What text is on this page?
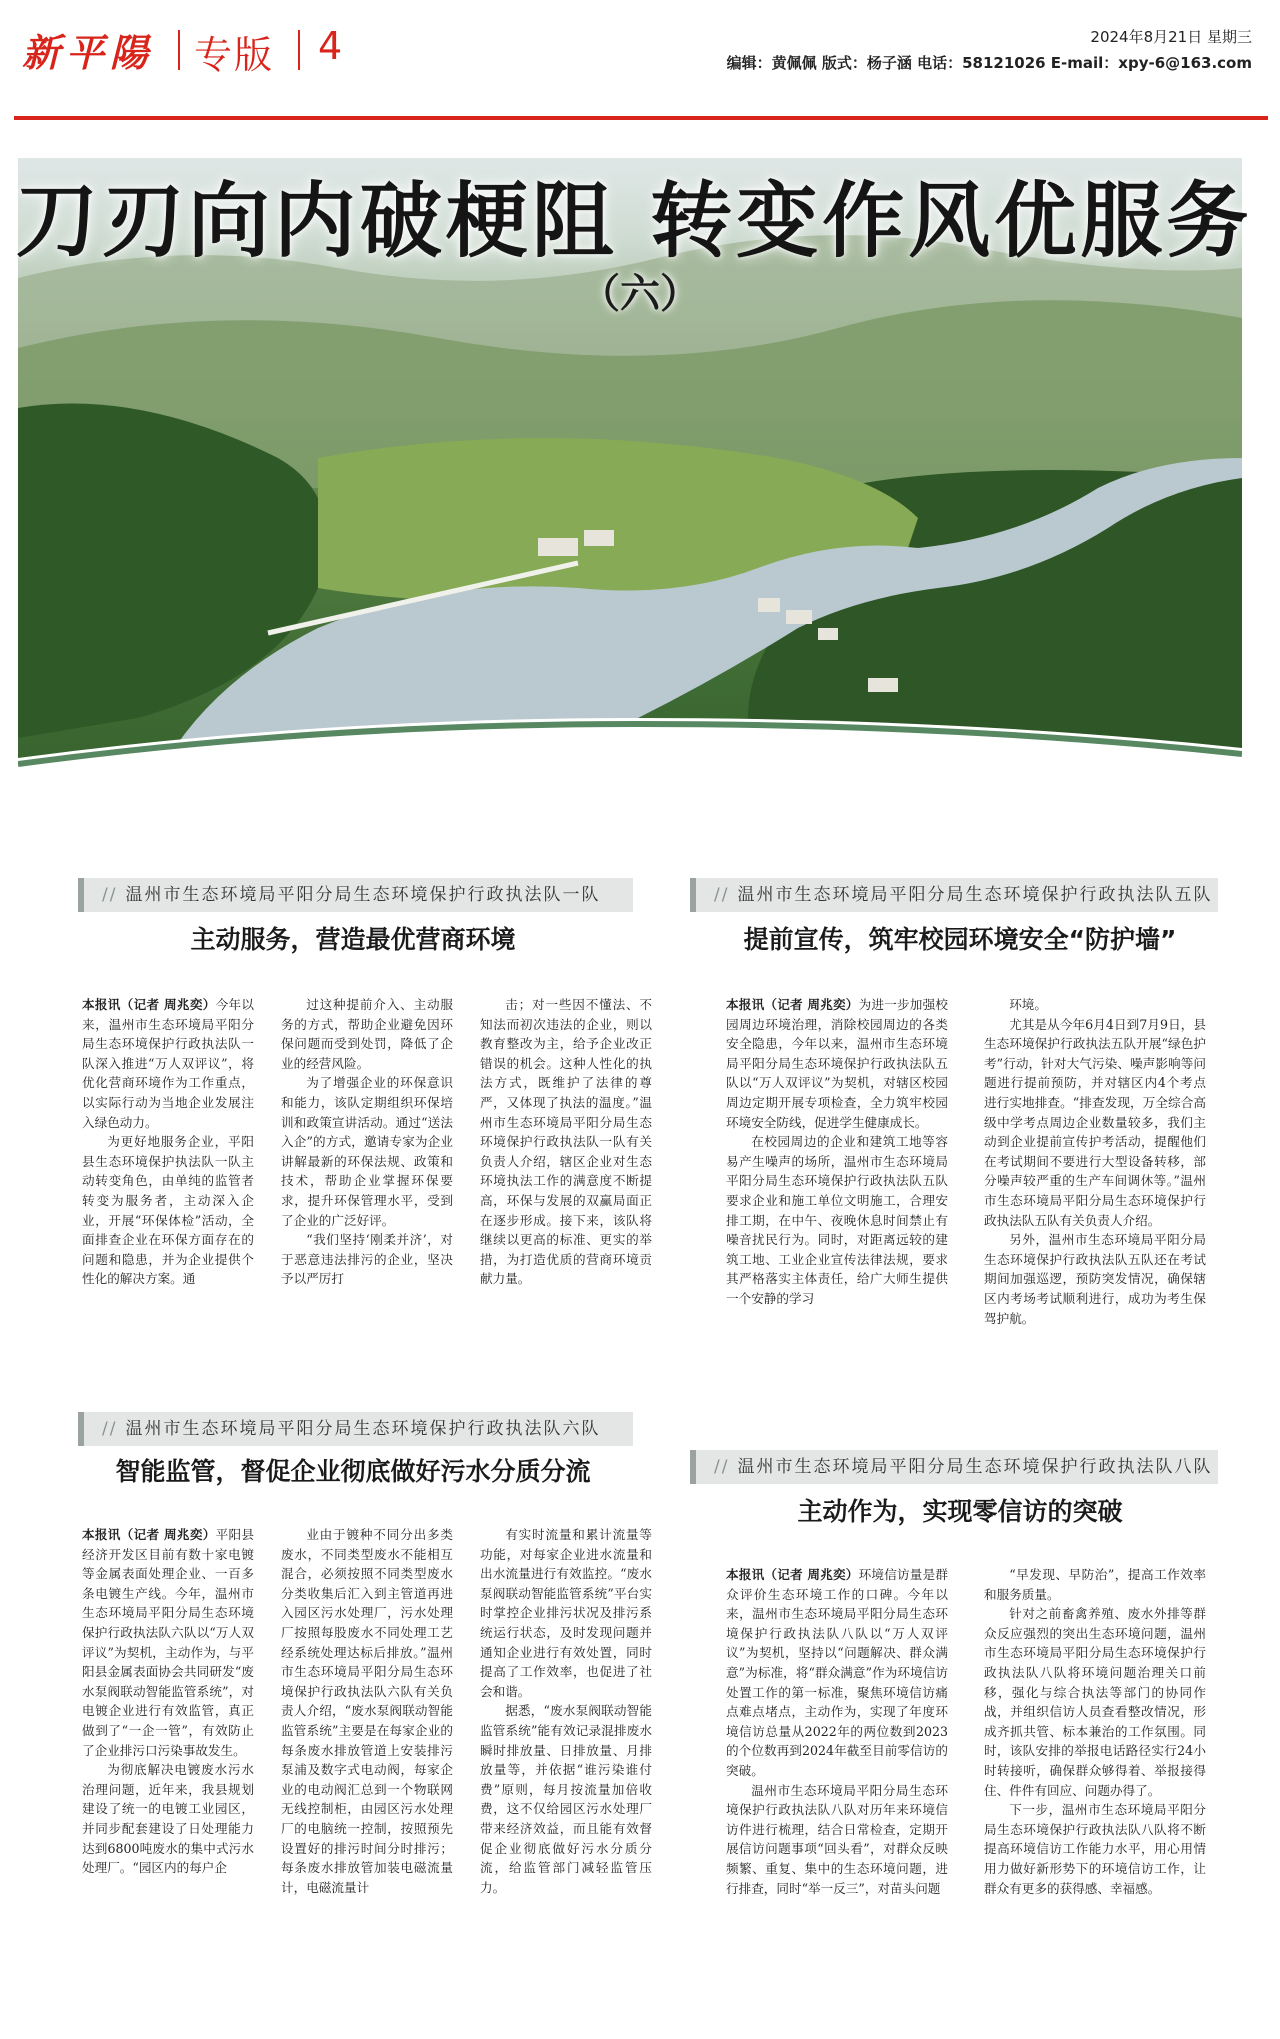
新平陽 专版 4	2024年8月21日 星期三
编辑：黄佩佩 版式：杨子涵 电话：58121026 E-mail：xpy-6@163.com
刀刃向内破梗阻 转变作风优服务
（六）
// 温州市生态环境局平阳分局生态环境保护行政执法队一队
主动服务，营造最优营商环境

本报讯（记者 周兆奕）今年以来，温州市生态环境局平阳分局生态环境保护行政执法队一队深入推进“万人双评议”，将优化营商环境作为工作重点，以实际行动为当地企业发展注入绿色动力。

为更好地服务企业，平阳县生态环境保护执法队一队主动转变角色，由单纯的监管者转变为服务者，主动深入企业，开展“环保体检”活动，全面排查企业在环保方面存在的问题和隐患，并为企业提供个性化的解决方案。通

过这种提前介入、主动服务的方式，帮助企业避免因环保问题而受到处罚，降低了企业的经营风险。

为了增强企业的环保意识和能力，该队定期组织环保培训和政策宣讲活动。通过“送法入企”的方式，邀请专家为企业讲解最新的环保法规、政策和技术，帮助企业掌握环保要求，提升环保管理水平，受到了企业的广泛好评。

“我们坚持‘刚柔并济’，对于恶意违法排污的企业，坚决予以严厉打

击；对一些因不懂法、不知法而初次违法的企业，则以教育整改为主，给予企业改正错误的机会。这种人性化的执法方式，既维护了法律的尊严，又体现了执法的温度。”温州市生态环境局平阳分局生态环境保护行政执法队一队有关负责人介绍，辖区企业对生态环境执法工作的满意度不断提高，环保与发展的双赢局面正在逐步形成。接下来，该队将继续以更高的标准、更实的举措，为打造优质的营商环境贡献力量。

// 温州市生态环境局平阳分局生态环境保护行政执法队五队
提前宣传，筑牢校园环境安全“防护墙”

本报讯（记者 周兆奕）为进一步加强校园周边环境治理，消除校园周边的各类安全隐患，今年以来，温州市生态环境局平阳分局生态环境保护行政执法队五队以“万人双评议”为契机，对辖区校园周边定期开展专项检查，全力筑牢校园环境安全防线，促进学生健康成长。

在校园周边的企业和建筑工地等容易产生噪声的场所，温州市生态环境局平阳分局生态环境保护行政执法队五队要求企业和施工单位文明施工，合理安排工期，在中午、夜晚休息时间禁止有噪音扰民行为。同时，对距离远较的建筑工地、工业企业宣传法律法规，要求其严格落实主体责任，给广大师生提供一个安静的学习

环境。

尤其是从今年6月4日到7月9日，县生态环境保护行政执法五队开展“绿色护考”行动，针对大气污染、噪声影响等问题进行提前预防，并对辖区内4个考点进行实地排查。“排查发现，万全综合高级中学考点周边企业数量较多，我们主动到企业提前宣传护考活动，提醒他们在考试期间不要进行大型设备转移，部分噪声较严重的生产车间调休等。”温州市生态环境局平阳分局生态环境保护行政执法队五队有关负责人介绍。

另外，温州市生态环境局平阳分局生态环境保护行政执法队五队还在考试期间加强巡逻，预防突发情况，确保辖区内考场考试顺利进行，成功为考生保驾护航。

// 温州市生态环境局平阳分局生态环境保护行政执法队六队
智能监管，督促企业彻底做好污水分质分流

本报讯（记者 周兆奕）平阳县经济开发区目前有数十家电镀等金属表面处理企业、一百多条电镀生产线。今年，温州市生态环境局平阳分局生态环境保护行政执法队六队以“万人双评议”为契机，主动作为，与平阳县金属表面协会共同研发“废水泵阀联动智能监管系统”，对电镀企业进行有效监管，真正做到了“一企一管”，有效防止了企业排污口污染事故发生。

为彻底解决电镀废水污水治理问题，近年来，我县规划建设了统一的电镀工业园区，并同步配套建设了日处理能力达到6800吨废水的集中式污水处理厂。“园区内的每户企

业由于镀种不同分出多类废水，不同类型废水不能相互混合，必须按照不同类型废水分类收集后汇入到主管道再进入园区污水处理厂，污水处理厂按照每股废水不同处理工艺经系统处理达标后排放。”温州市生态环境局平阳分局生态环境保护行政执法队六队有关负责人介绍，“废水泵阀联动智能监管系统”主要是在每家企业的每条废水排放管道上安装排污泵浦及数字式电动阀，每家企业的电动阀汇总到一个物联网无线控制柜，由园区污水处理厂的电脑统一控制，按照预先设置好的排污时间分时排污；每条废水排放管加装电磁流量计，电磁流量计

有实时流量和累计流量等功能，对每家企业进水流量和出水流量进行有效监控。“废水泵阀联动智能监管系统”平台实时掌控企业排污状况及排污系统运行状态，及时发现问题并通知企业进行有效处置，同时提高了工作效率，也促进了社会和谐。

据悉，“废水泵阀联动智能监管系统”能有效记录混排废水瞬时排放量、日排放量、月排放量等，并依据“谁污染谁付费”原则，每月按流量加倍收费，这不仅给园区污水处理厂带来经济效益，而且能有效督促企业彻底做好污水分质分流，给监管部门减轻监管压力。

// 温州市生态环境局平阳分局生态环境保护行政执法队八队
主动作为，实现零信访的突破

本报讯（记者 周兆奕）环境信访量是群众评价生态环境工作的口碑。今年以来，温州市生态环境局平阳分局生态环境保护行政执法队八队以“万人双评议”为契机，坚持以“问题解决、群众满意”为标准，将“群众满意”作为环境信访处置工作的第一标准，聚焦环境信访痛点难点堵点，主动作为，实现了年度环境信访总量从2022年的两位数到2023的个位数再到2024年截至目前零信访的突破。

温州市生态环境局平阳分局生态环境保护行政执法队八队对历年来环境信访件进行梳理，结合日常检查，定期开展信访问题事项“回头看”，对群众反映频繁、重复、集中的生态环境问题，进行排查，同时“举一反三”，对苗头问题

“早发现、早防治”，提高工作效率和服务质量。

针对之前畜禽养殖、废水外排等群众反应强烈的突出生态环境问题，温州市生态环境局平阳分局生态环境保护行政执法队八队将环境问题治理关口前移，强化与综合执法等部门的协同作战，并组织信访人员查看整改情况，形成齐抓共管、标本兼治的工作氛围。同时，该队安排的举报电话路径实行24小时转接听，确保群众够得着、举报接得住、件件有回应、问题办得了。

下一步，温州市生态环境局平阳分局生态环境保护行政执法队八队将不断提高环境信访工作能力水平，用心用情用力做好新形势下的环境信访工作，让群众有更多的获得感、幸福感。
